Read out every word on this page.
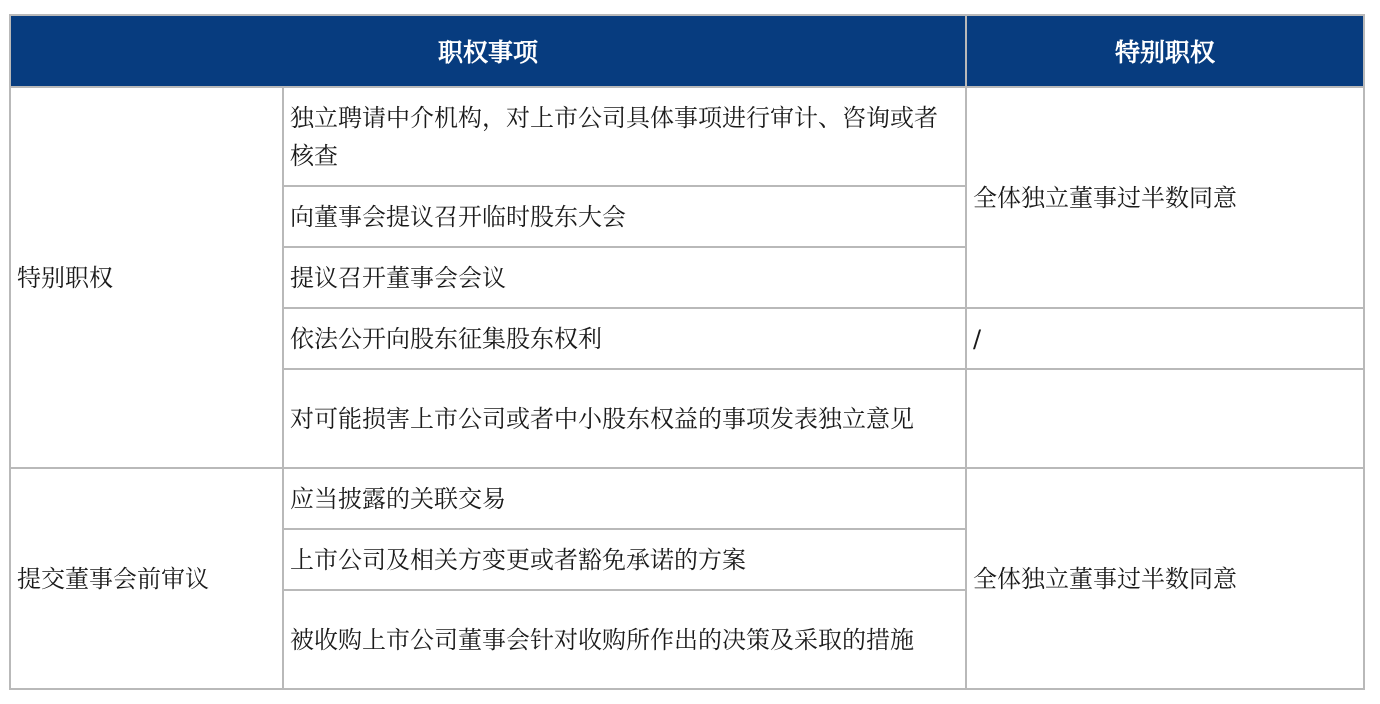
职权事项		特别职权
特别职权	独立聘请中介机构，对上市公司具体事项进行审计、咨询或者核查	全体独立董事过半数同意
	向董事会提议召开临时股东大会	
	提议召开董事会会议	
	依法公开向股东征集股东权利	/
	对可能损害上市公司或者中小股东权益的事项发表独立意见	
提交董事会前审议	应当披露的关联交易	全体独立董事过半数同意
	上市公司及相关方变更或者豁免承诺的方案	
	被收购上市公司董事会针对收购所作出的决策及采取的措施	
